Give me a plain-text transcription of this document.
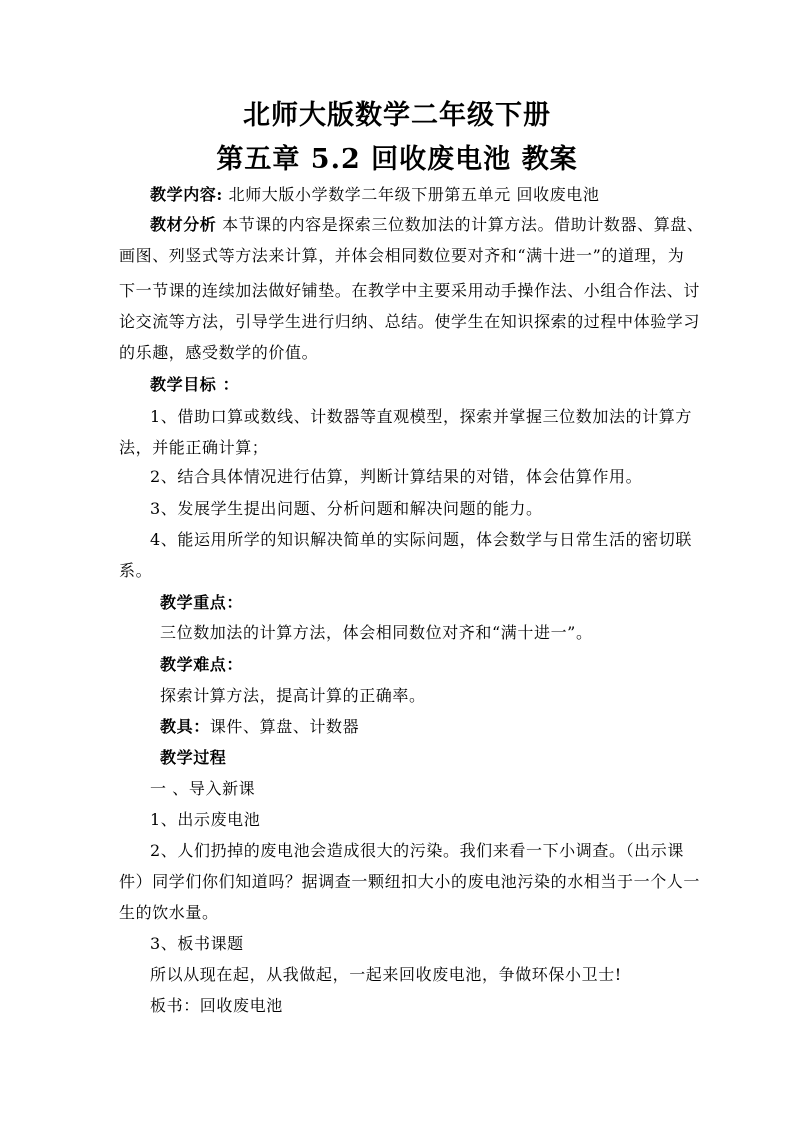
北师大版数学二年级下册
第五章 5.2 回收废电池 教案
教学内容: 北师大版小学数学二年级下册第五单元 回收废电池
教材分析 本节课的内容是探索三位数加法的计算方法。借助计数器、算盘、
画图、列竖式等方法来计算，并体会相同数位要对齐和“满十进一”的道理，为
下一节课的连续加法做好铺垫。在教学中主要采用动手操作法、小组合作法、讨
论交流等方法，引导学生进行归纳、总结。使学生在知识探索的过程中体验学习
的乐趣，感受数学的价值。
教学目标 ：
1、借助口算或数线、计数器等直观模型，探索并掌握三位数加法的计算方
法，并能正确计算；
2、结合具体情况进行估算，判断计算结果的对错，体会估算作用。
3、发展学生提出问题、分析问题和解决问题的能力。
4、能运用所学的知识解决简单的实际问题，体会数学与日常生活的密切联
系。
教学重点：
三位数加法的计算方法，体会相同数位对齐和“满十进一”。
教学难点：
探索计算方法，提高计算的正确率。
教具：课件、算盘、计数器
教学过程
一 、导入新课
1、出示废电池
2、人们扔掉的废电池会造成很大的污染。我们来看一下小调查。（出示课
件）同学们你们知道吗？据调查一颗纽扣大小的废电池污染的水相当于一个人一
生的饮水量。
3、板书课题
所以从现在起，从我做起，一起来回收废电池，争做环保小卫士!
板书：回收废电池
